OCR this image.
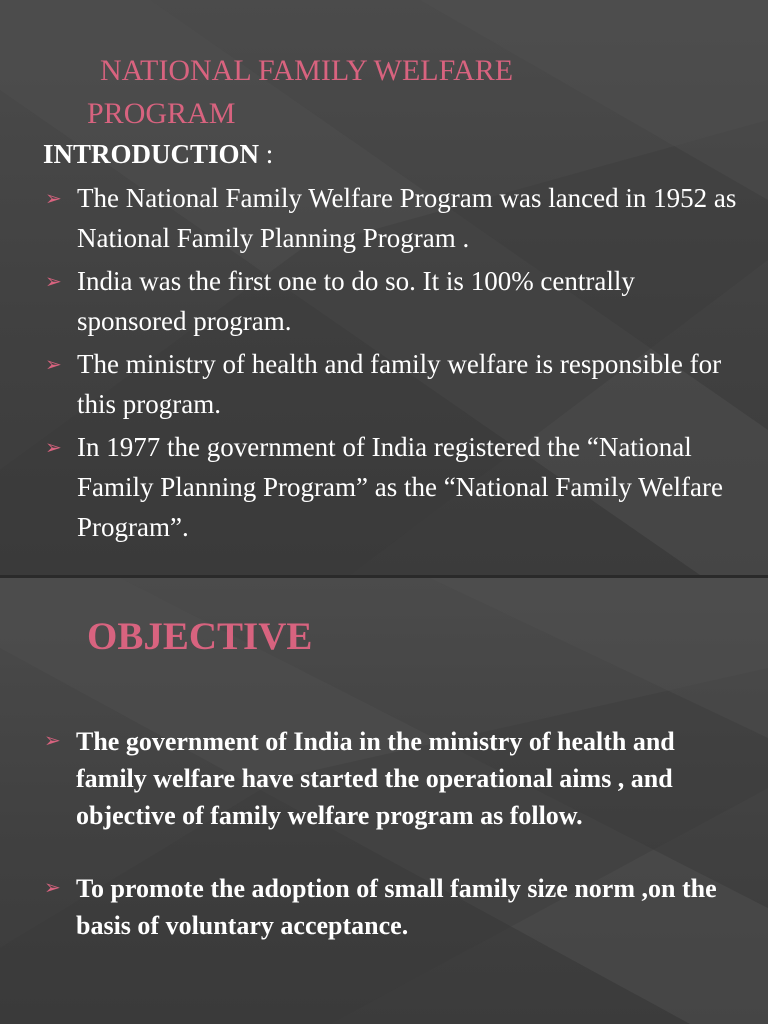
NATIONAL FAMILY WELFARE
PROGRAM
INTRODUCTION :
➢ The National Family Welfare Program was lanced in 1952 as National Family Planning Program .
➢ India was the first one to do so. It is 100% centrally sponsored program.
➢ The ministry of health and family welfare is responsible for this program.
➢ In 1977 the government of India registered the “National Family Planning Program” as the “National Family Welfare Program”.
OBJECTIVE
➢ The government of India in the ministry of health and family welfare have started the operational aims , and objective of family welfare program as follow.
➢ To promote the adoption of small family size norm ,on the basis of voluntary acceptance.
